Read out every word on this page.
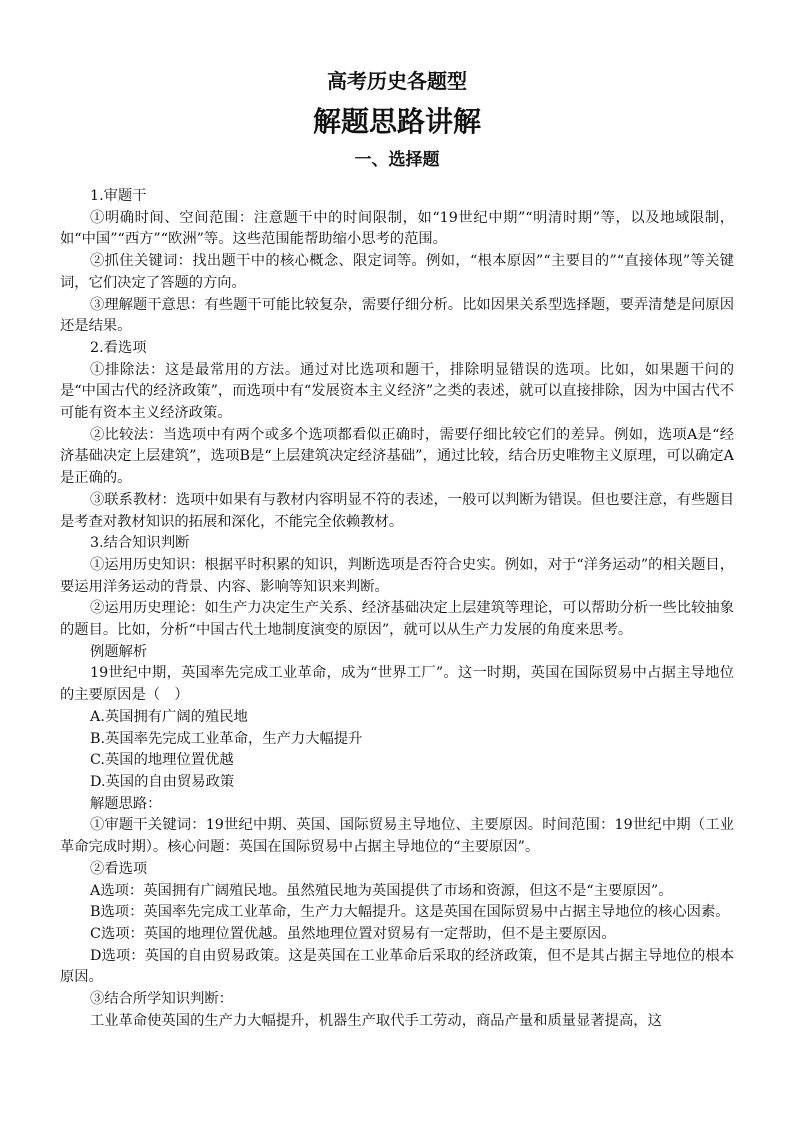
高考历史各题型
解题思路讲解
一、选择题

1.审题干

①明确时间、空间范围：注意题干中的时间限制，如“19世纪中期”“明清时期”等，以及地域限制，如“中国”“西方”“欧洲”等。这些范围能帮助缩小思考的范围。

②抓住关键词：找出题干中的核心概念、限定词等。例如，“根本原因”“主要目的”“直接体现”等关键词，它们决定了答题的方向。

③理解题干意思：有些题干可能比较复杂，需要仔细分析。比如因果关系型选择题，要弄清楚是问原因还是结果。

2.看选项

①排除法：这是最常用的方法。通过对比选项和题干，排除明显错误的选项。比如，如果题干问的是“中国古代的经济政策”，而选项中有“发展资本主义经济”之类的表述，就可以直接排除，因为中国古代不可能有资本主义经济政策。

②比较法：当选项中有两个或多个选项都看似正确时，需要仔细比较它们的差异。例如，选项A是“经济基础决定上层建筑”，选项B是“上层建筑决定经济基础”，通过比较，结合历史唯物主义原理，可以确定A是正确的。

③联系教材：选项中如果有与教材内容明显不符的表述，一般可以判断为错误。但也要注意，有些题目是考查对教材知识的拓展和深化，不能完全依赖教材。

3.结合知识判断

①运用历史知识：根据平时积累的知识，判断选项是否符合史实。例如，对于“洋务运动”的相关题目，要运用洋务运动的背景、内容、影响等知识来判断。

②运用历史理论：如生产力决定生产关系、经济基础决定上层建筑等理论，可以帮助分析一些比较抽象的题目。比如，分析“中国古代土地制度演变的原因”，就可以从生产力发展的角度来思考。

例题解析

19世纪中期，英国率先完成工业革命，成为“世界工厂”。这一时期，英国在国际贸易中占据主导地位的主要原因是（　）

A.英国拥有广阔的殖民地

B.英国率先完成工业革命，生产力大幅提升

C.英国的地理位置优越

D.英国的自由贸易政策

解题思路：

①审题干关键词：19世纪中期、英国、国际贸易主导地位、主要原因。时间范围：19世纪中期（工业革命完成时期）。核心问题：英国在国际贸易中占据主导地位的“主要原因”。

②看选项

A选项：英国拥有广阔殖民地。虽然殖民地为英国提供了市场和资源，但这不是“主要原因”。

B选项：英国率先完成工业革命，生产力大幅提升。这是英国在国际贸易中占据主导地位的核心因素。

C选项：英国的地理位置优越。虽然地理位置对贸易有一定帮助，但不是主要原因。

D选项：英国的自由贸易政策。这是英国在工业革命后采取的经济政策，但不是其占据主导地位的根本原因。

③结合所学知识判断：

工业革命使英国的生产力大幅提升，机器生产取代手工劳动，商品产量和质量显著提高，这
